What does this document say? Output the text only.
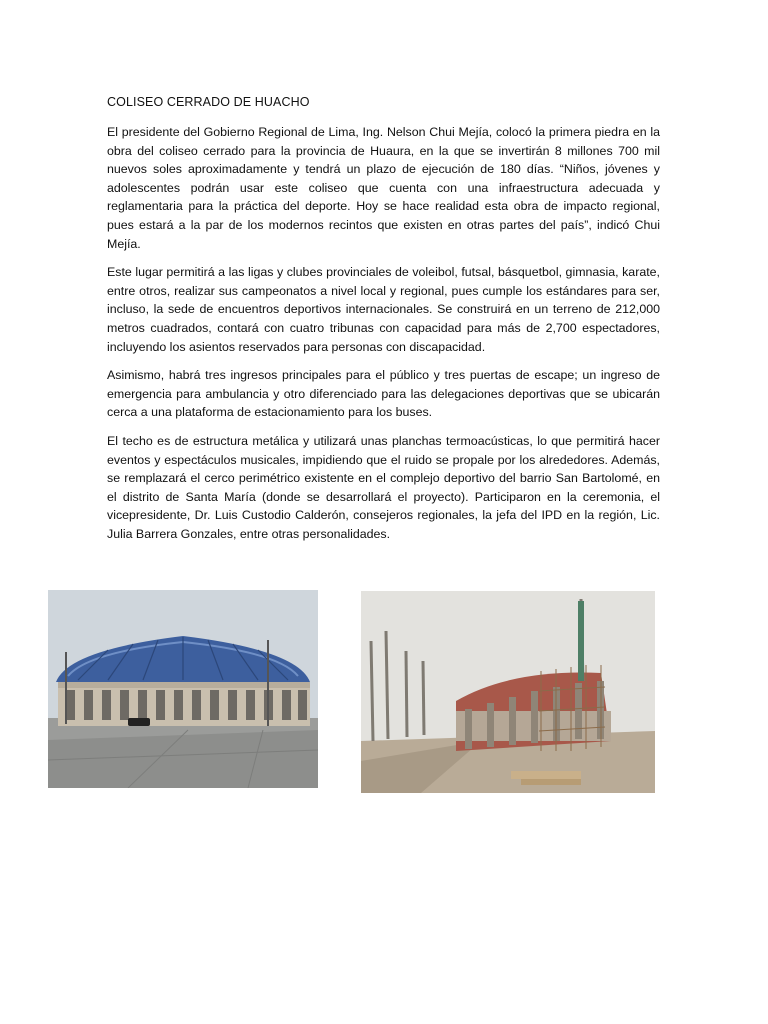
COLISEO CERRADO DE HUACHO

El presidente del Gobierno Regional de Lima, Ing. Nelson Chui Mejía, colocó la primera piedra en la obra del coliseo cerrado para la provincia de Huaura, en la que se invertirán 8 millones 700 mil nuevos soles aproximadamente y tendrá un plazo de ejecución de 180 días. “Niños, jóvenes y adolescentes podrán usar este coliseo que cuenta con una infraestructura adecuada y reglamentaria para la práctica del deporte. Hoy se hace realidad esta obra de impacto regional, pues estará a la par de los modernos recintos que existen en otras partes del país”, indicó Chui Mejía.

Este lugar permitirá a las ligas y clubes provinciales de voleibol, futsal, básquetbol, gimnasia, karate, entre otros, realizar sus campeonatos a nivel local y regional, pues cumple los estándares para ser, incluso, la sede de encuentros deportivos internacionales. Se construirá en un terreno de 212,000 metros cuadrados, contará con cuatro tribunas con capacidad para más de 2,700 espectadores, incluyendo los asientos reservados para personas con discapacidad.

Asimismo, habrá tres ingresos principales para el público y tres puertas de escape; un ingreso de emergencia para ambulancia y otro diferenciado para las delegaciones deportivas que se ubicarán cerca a una plataforma de estacionamiento para los buses.

El techo es de estructura metálica y utilizará unas planchas termoacústicas, lo que permitirá hacer eventos y espectáculos musicales, impidiendo que el ruido se propale por los alrededores. Además, se remplazará el cerco perimétrico existente en el complejo deportivo del barrio San Bartolomé, en el distrito de Santa María (donde se desarrollará el proyecto). Participaron en la ceremonia, el vicepresidente, Dr. Luis Custodio Calderón, consejeros regionales, la jefa del IPD en la región, Lic. Julia Barrera Gonzales, entre otras personalidades.
